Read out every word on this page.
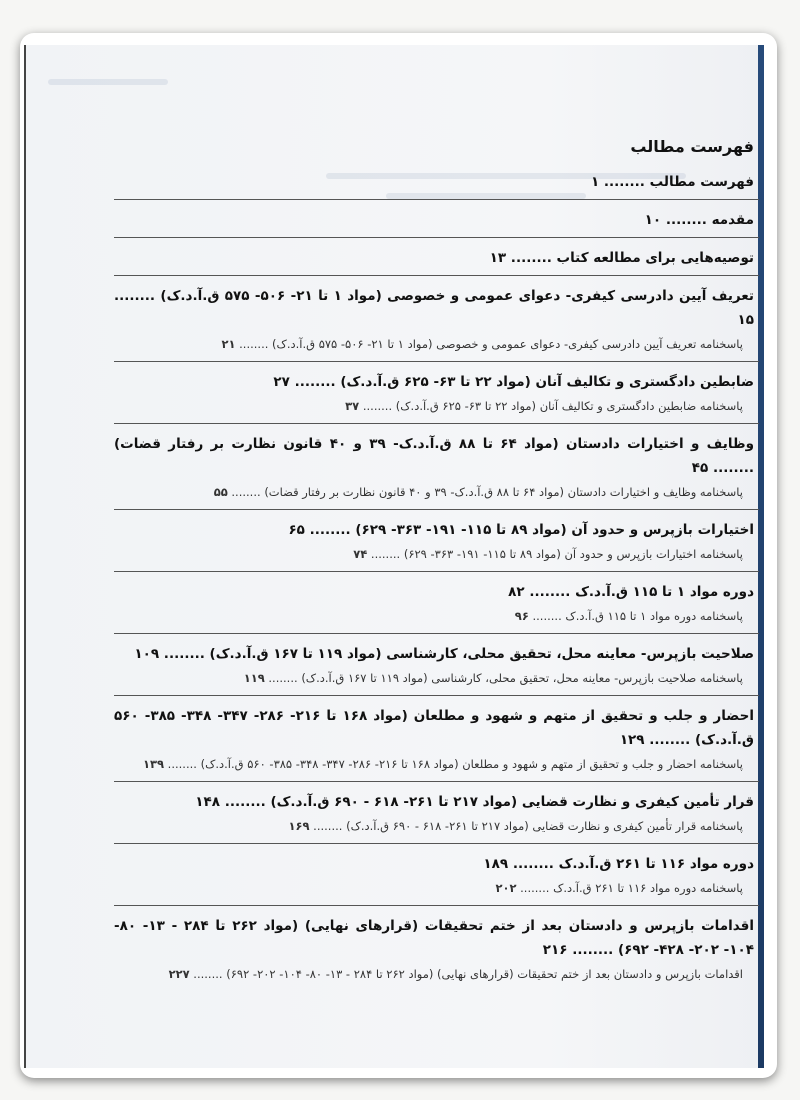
فهرست مطالب

فهرست مطالب ........ ۱

مقدمه ........ ۱۰

توصیه‌هایی برای مطالعه کتاب ........ ۱۳

تعریف آیین دادرسی کیفری- دعوای عمومی و خصوصی (مواد ۱ تا ۲۱- ۵۰۶- ۵۷۵ ق.آ.د.ک) ........ ۱۵

پاسخنامه تعریف آیین دادرسی کیفری- دعوای عمومی و خصوصی (مواد ۱ تا ۲۱- ۵۰۶- ۵۷۵ ق.آ.د.ک) ........ ۲۱

ضابطین دادگستری و تکالیف آنان (مواد ۲۲ تا ۶۳- ۶۲۵ ق.آ.د.ک) ........ ۲۷

پاسخنامه ضابطین دادگستری و تکالیف آنان (مواد ۲۲ تا ۶۳- ۶۲۵ ق.آ.د.ک) ........ ۳۷

وظایف و اختیارات دادستان (مواد ۶۴ تا ۸۸ ق.آ.د.ک- ۳۹ و ۴۰ قانون نظارت بر رفتار قضات) ........ ۴۵

پاسخنامه وظایف و اختیارات دادستان (مواد ۶۴ تا ۸۸ ق.آ.د.ک- ۳۹ و ۴۰ قانون نظارت بر رفتار قضات) ........ ۵۵

اختیارات بازپرس و حدود آن (مواد ۸۹ تا ۱۱۵- ۱۹۱- ۳۶۳- ۶۲۹) ........ ۶۵

پاسخنامه اختیارات بازپرس و حدود آن (مواد ۸۹ تا ۱۱۵- ۱۹۱- ۳۶۳- ۶۲۹) ........ ۷۴

دوره مواد ۱ تا ۱۱۵ ق.آ.د.ک ........ ۸۲

پاسخنامه دوره مواد ۱ تا ۱۱۵ ق.آ.د.ک ........ ۹۶

صلاحیت بازپرس- معاینه محل، تحقیق محلی، کارشناسی (مواد ۱۱۹ تا ۱۶۷ ق.آ.د.ک) ........ ۱۰۹

پاسخنامه صلاحیت بازپرس- معاینه محل، تحقیق محلی، کارشناسی (مواد ۱۱۹ تا ۱۶۷ ق.آ.د.ک) ........ ۱۱۹

احضار و جلب و تحقیق از متهم و شهود و مطلعان (مواد ۱۶۸ تا ۲۱۶- ۲۸۶- ۳۴۷- ۳۴۸- ۳۸۵- ۵۶۰ ق.آ.د.ک) ........ ۱۲۹

پاسخنامه احضار و جلب و تحقیق از متهم و شهود و مطلعان (مواد ۱۶۸ تا ۲۱۶- ۲۸۶- ۳۴۷- ۳۴۸- ۳۸۵- ۵۶۰ ق.آ.د.ک) ........ ۱۳۹

قرار تأمین کیفری و نظارت قضایی (مواد ۲۱۷ تا ۲۶۱- ۶۱۸ - ۶۹۰ ق.آ.د.ک) ........ ۱۴۸

پاسخنامه قرار تأمین کیفری و نظارت قضایی (مواد ۲۱۷ تا ۲۶۱- ۶۱۸ - ۶۹۰ ق.آ.د.ک) ........ ۱۶۹

دوره مواد ۱۱۶ تا ۲۶۱ ق.آ.د.ک ........ ۱۸۹

پاسخنامه دوره مواد ۱۱۶ تا ۲۶۱ ق.آ.د.ک ........ ۲۰۲

اقدامات بازپرس و دادستان بعد از ختم تحقیقات (قرارهای نهایی) (مواد ۲۶۲ تا ۲۸۴ - ۱۳- ۸۰- ۱۰۴- ۲۰۲- ۴۲۸- ۶۹۲) ........ ۲۱۶

اقدامات بازپرس و دادستان بعد از ختم تحقیقات (قرارهای نهایی) (مواد ۲۶۲ تا ۲۸۴ - ۱۳- ۸۰- ۱۰۴- ۲۰۲- ۶۹۲) ........ ۲۲۷
